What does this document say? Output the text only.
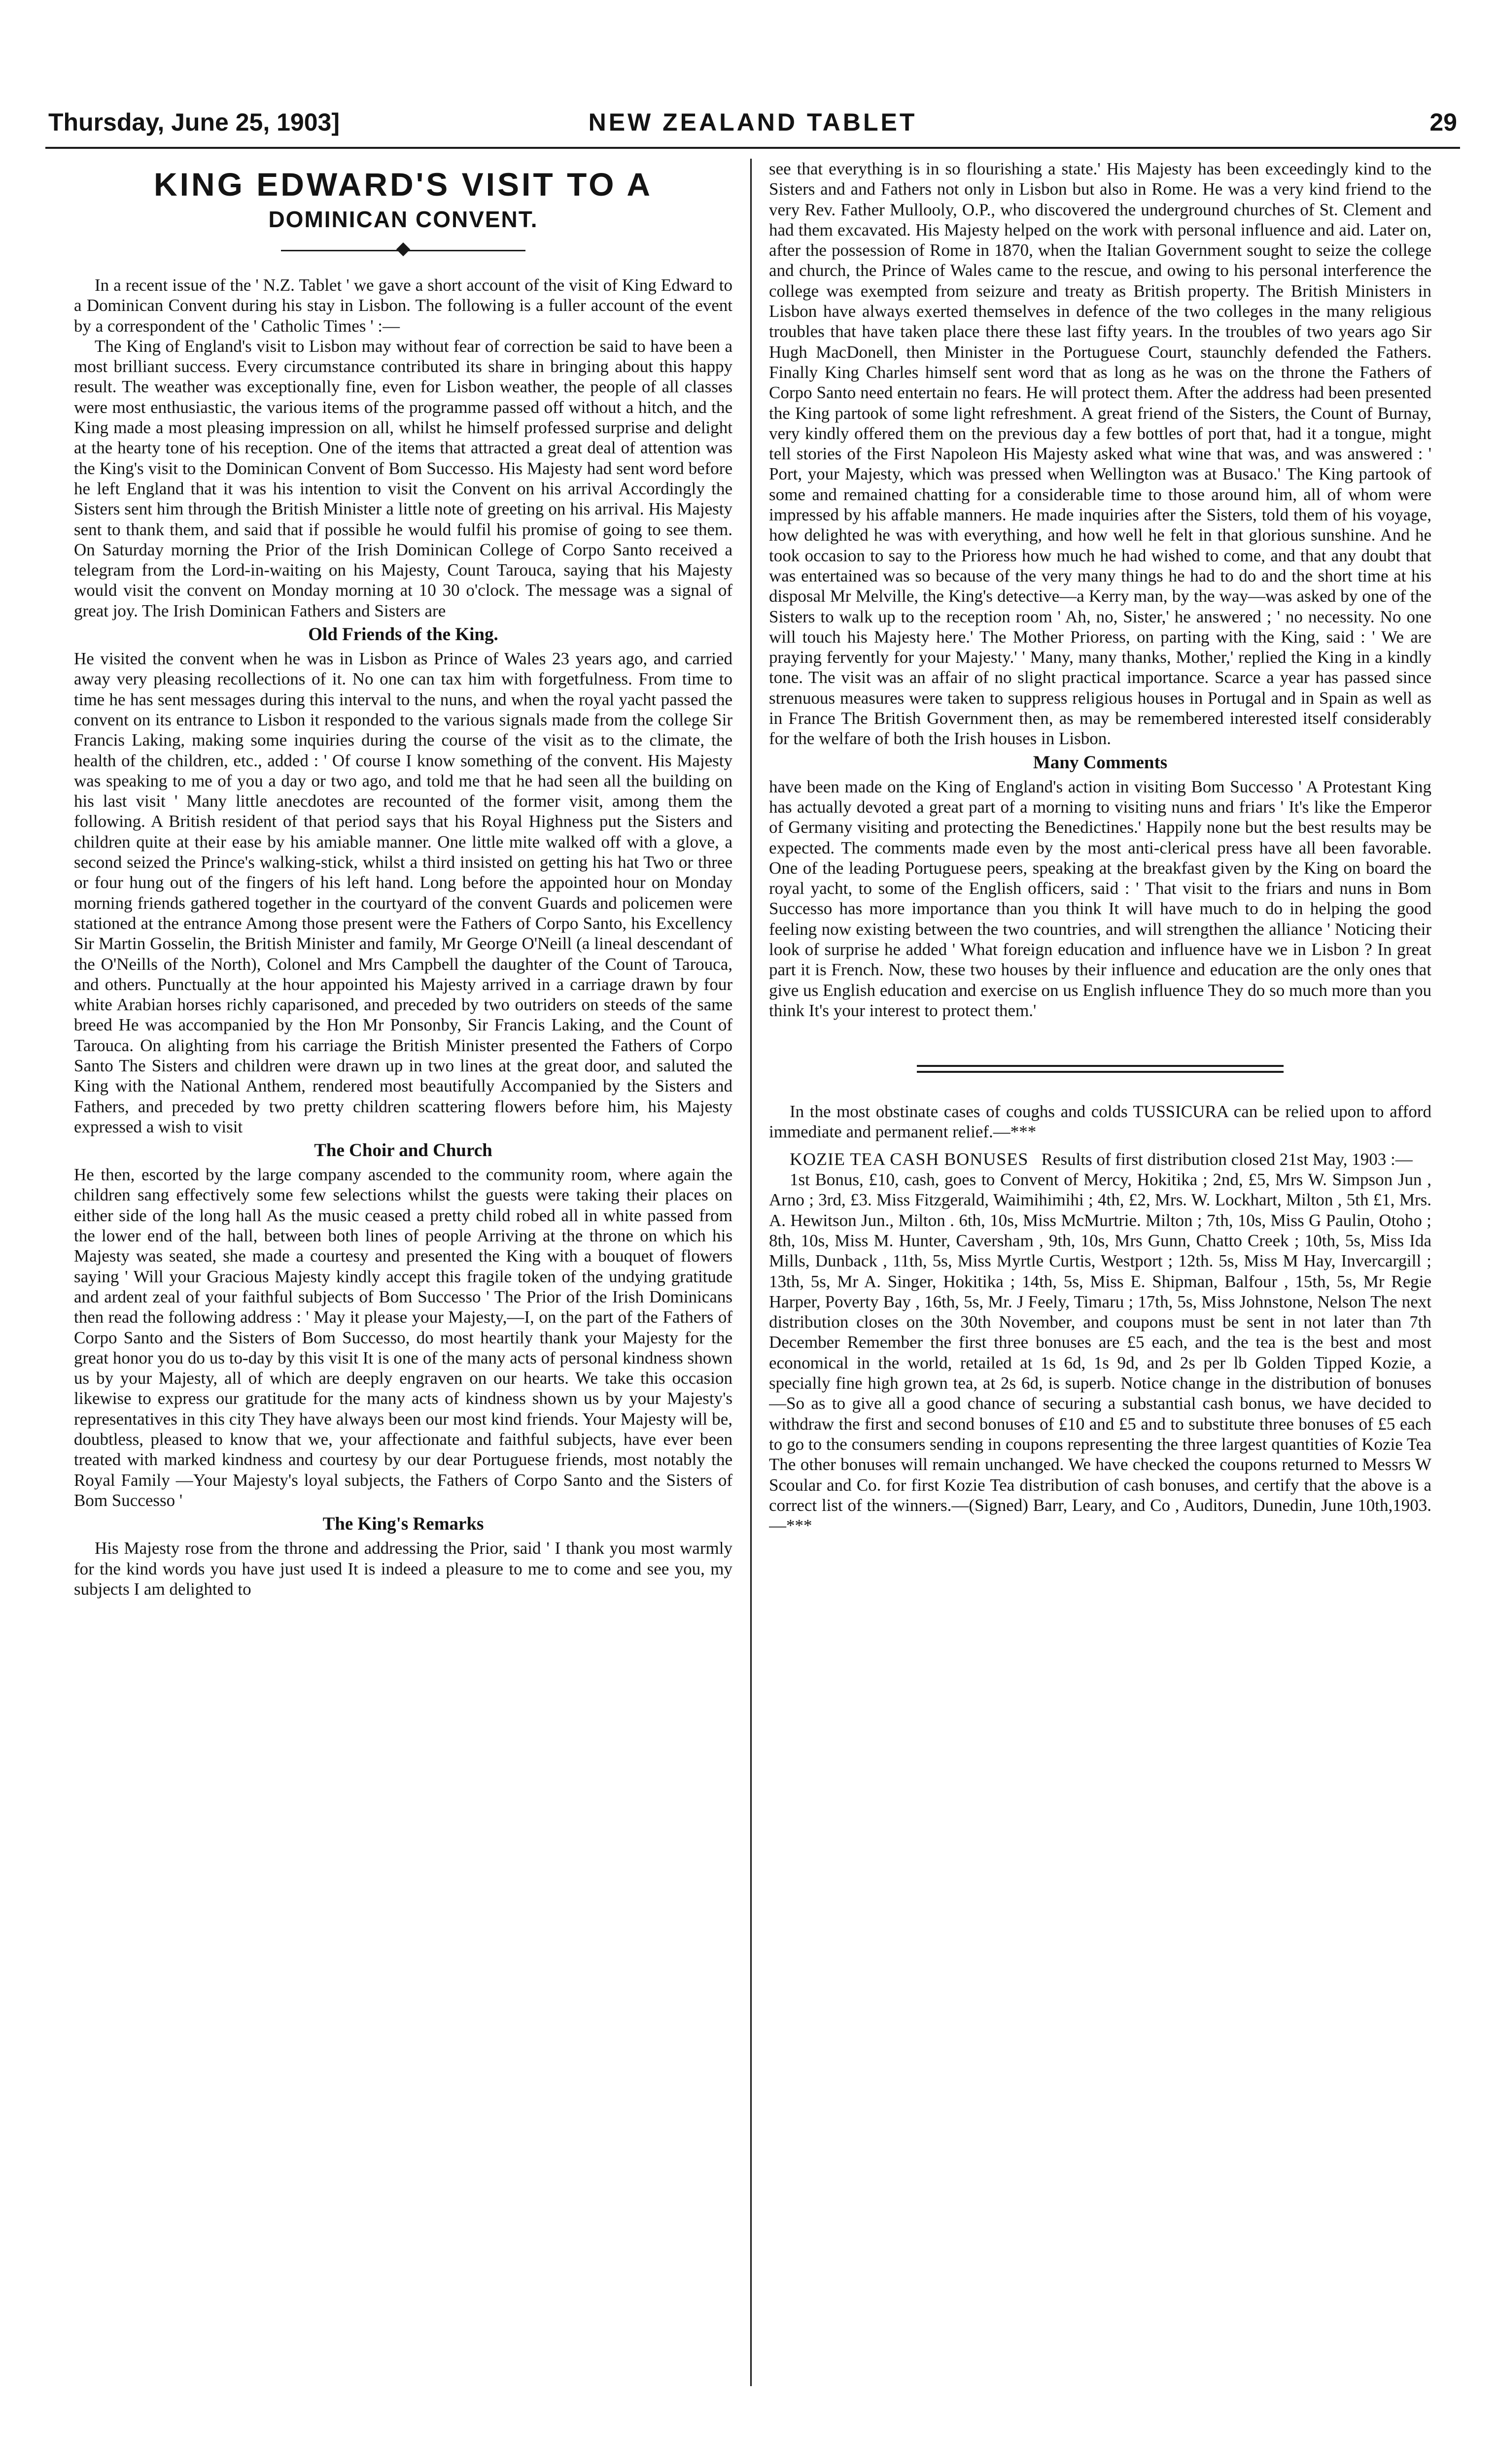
Thursday, June 25, 1903]	NEW ZEALAND TABLET	29
KING EDWARD'S VISIT TO A
DOMINICAN CONVENT.

In a recent issue of the ' N.Z. Tablet ' we gave a short account of the visit of King Edward to a Dominican Convent during his stay in Lisbon. The following is a fuller account of the event by a correspondent of the ' Catholic Times ' :—

The King of England's visit to Lisbon may without fear of correction be said to have been a most brilliant success. Every circumstance contributed its share in bringing about this happy result. The weather was exceptionally fine, even for Lisbon weather, the people of all classes were most enthusiastic, the various items of the programme passed off without a hitch, and the King made a most pleasing impression on all, whilst he himself professed surprise and delight at the hearty tone of his reception. One of the items that attracted a great deal of attention was the King's visit to the Dominican Convent of Bom Successo. His Majesty had sent word before he left England that it was his intention to visit the Convent on his arrival Accordingly the Sisters sent him through the British Minister a little note of greeting on his arrival. His Majesty sent to thank them, and said that if possible he would fulfil his promise of going to see them. On Saturday morning the Prior of the Irish Dominican College of Corpo Santo received a telegram from the Lord-in-waiting on his Majesty, Count Tarouca, saying that his Majesty would visit the convent on Monday morning at 10 30 o'clock. The message was a signal of great joy. The Irish Dominican Fathers and Sisters are

Old Friends of the King.

He visited the convent when he was in Lisbon as Prince of Wales 23 years ago, and carried away very pleasing recollections of it. No one can tax him with forgetfulness. From time to time he has sent messages during this interval to the nuns, and when the royal yacht passed the convent on its entrance to Lisbon it responded to the various signals made from the college Sir Francis Laking, making some inquiries during the course of the visit as to the climate, the health of the children, etc., added : ' Of course I know something of the convent. His Majesty was speaking to me of you a day or two ago, and told me that he had seen all the building on his last visit ' Many little anecdotes are recounted of the former visit, among them the following. A British resident of that period says that his Royal Highness put the Sisters and children quite at their ease by his amiable manner. One little mite walked off with a glove, a second seized the Prince's walking-stick, whilst a third insisted on getting his hat Two or three or four hung out of the fingers of his left hand. Long before the appointed hour on Monday morning friends gathered together in the courtyard of the convent Guards and policemen were stationed at the entrance Among those present were the Fathers of Corpo Santo, his Excellency Sir Martin Gosselin, the British Minister and family, Mr George O'Neill (a lineal descendant of the O'Neills of the North), Colonel and Mrs Campbell the daughter of the Count of Tarouca, and others. Punctually at the hour appointed his Majesty arrived in a carriage drawn by four white Arabian horses richly caparisoned, and preceded by two outriders on steeds of the same breed He was accompanied by the Hon Mr Ponsonby, Sir Francis Laking, and the Count of Tarouca. On alighting from his carriage the British Minister presented the Fathers of Corpo Santo The Sisters and children were drawn up in two lines at the great door, and saluted the King with the National Anthem, rendered most beautifully Accompanied by the Sisters and Fathers, and preceded by two pretty children scattering flowers before him, his Majesty expressed a wish to visit

The Choir and Church

He then, escorted by the large company ascended to the community room, where again the children sang effectively some few selections whilst the guests were taking their places on either side of the long hall As the music ceased a pretty child robed all in white passed from the lower end of the hall, between both lines of people Arriving at the throne on which his Majesty was seated, she made a courtesy and presented the King with a bouquet of flowers saying ' Will your Gracious Majesty kindly accept this fragile token of the undying gratitude and ardent zeal of your faithful subjects of Bom Successo ' The Prior of the Irish Dominicans then read the following address : ' May it please your Majesty,—I, on the part of the Fathers of Corpo Santo and the Sisters of Bom Successo, do most heartily thank your Majesty for the great honor you do us to-day by this visit It is one of the many acts of personal kindness shown us by your Majesty, all of which are deeply engraven on our hearts. We take this occasion likewise to express our gratitude for the many acts of kindness shown us by your Majesty's representatives in this city They have always been our most kind friends. Your Majesty will be, doubtless, pleased to know that we, your affectionate and faithful subjects, have ever been treated with marked kindness and courtesy by our dear Portuguese friends, most notably the Royal Family —Your Majesty's loyal subjects, the Fathers of Corpo Santo and the Sisters of Bom Successo '

The King's Remarks

His Majesty rose from the throne and addressing the Prior, said ' I thank you most warmly for the kind words you have just used It is indeed a pleasure to me to come and see you, my subjects I am delighted to

see that everything is in so flourishing a state.' His Majesty has been exceedingly kind to the Sisters and and Fathers not only in Lisbon but also in Rome. He was a very kind friend to the very Rev. Father Mullooly, O.P., who discovered the underground churches of St. Clement and had them excavated. His Majesty helped on the work with personal influence and aid. Later on, after the possession of Rome in 1870, when the Italian Government sought to seize the college and church, the Prince of Wales came to the rescue, and owing to his personal interference the college was exempted from seizure and treaty as British property. The British Ministers in Lisbon have always exerted themselves in defence of the two colleges in the many religious troubles that have taken place there these last fifty years. In the troubles of two years ago Sir Hugh MacDonell, then Minister in the Portuguese Court, staunchly defended the Fathers. Finally King Charles himself sent word that as long as he was on the throne the Fathers of Corpo Santo need entertain no fears. He will protect them. After the address had been presented the King partook of some light refreshment. A great friend of the Sisters, the Count of Burnay, very kindly offered them on the previous day a few bottles of port that, had it a tongue, might tell stories of the First Napoleon His Majesty asked what wine that was, and was answered : ' Port, your Majesty, which was pressed when Wellington was at Busaco.' The King partook of some and remained chatting for a considerable time to those around him, all of whom were impressed by his affable manners. He made inquiries after the Sisters, told them of his voyage, how delighted he was with everything, and how well he felt in that glorious sunshine. And he took occasion to say to the Prioress how much he had wished to come, and that any doubt that was entertained was so because of the very many things he had to do and the short time at his disposal Mr Melville, the King's detective—a Kerry man, by the way—was asked by one of the Sisters to walk up to the reception room ' Ah, no, Sister,' he answered ; ' no necessity. No one will touch his Majesty here.' The Mother Prioress, on parting with the King, said : ' We are praying fervently for your Majesty.' ' Many, many thanks, Mother,' replied the King in a kindly tone. The visit was an affair of no slight practical importance. Scarce a year has passed since strenuous measures were taken to suppress religious houses in Portugal and in Spain as well as in France The British Government then, as may be remembered interested itself considerably for the welfare of both the Irish houses in Lisbon.

Many Comments

have been made on the King of England's action in visiting Bom Successo ' A Protestant King has actually devoted a great part of a morning to visiting nuns and friars ' It's like the Emperor of Germany visiting and protecting the Benedictines.' Happily none but the best results may be expected. The comments made even by the most anti-clerical press have all been favorable. One of the leading Portuguese peers, speaking at the breakfast given by the King on board the royal yacht, to some of the English officers, said : ' That visit to the friars and nuns in Bom Successo has more importance than you think It will have much to do in helping the good feeling now existing between the two countries, and will strengthen the alliance ' Noticing their look of surprise he added ' What foreign education and influence have we in Lisbon ? In great part it is French. Now, these two houses by their influence and education are the only ones that give us English education and exercise on us English influence They do so much more than you think It's your interest to protect them.'

In the most obstinate cases of coughs and colds TUSSICURA can be relied upon to afford immediate and permanent relief.—***

KOZIE TEA CASH BONUSES Results of first distribution closed 21st May, 1903 :—

1st Bonus, £10, cash, goes to Convent of Mercy, Hokitika ; 2nd, £5, Mrs W. Simpson Jun , Arno ; 3rd, £3. Miss Fitzgerald, Waimihimihi ; 4th, £2, Mrs. W. Lockhart, Milton , 5th £1, Mrs. A. Hewitson Jun., Milton . 6th, 10s, Miss McMurtrie. Milton ; 7th, 10s, Miss G Paulin, Otoho ; 8th, 10s, Miss M. Hunter, Caversham , 9th, 10s, Mrs Gunn, Chatto Creek ; 10th, 5s, Miss Ida Mills, Dunback , 11th, 5s, Miss Myrtle Curtis, Westport ; 12th. 5s, Miss M Hay, Invercargill ; 13th, 5s, Mr A. Singer, Hokitika ; 14th, 5s, Miss E. Shipman, Balfour , 15th, 5s, Mr Regie Harper, Poverty Bay , 16th, 5s, Mr. J Feely, Timaru ; 17th, 5s, Miss Johnstone, Nelson The next distribution closes on the 30th November, and coupons must be sent in not later than 7th December Remember the first three bonuses are £5 each, and the tea is the best and most economical in the world, retailed at 1s 6d, 1s 9d, and 2s per lb Golden Tipped Kozie, a specially fine high grown tea, at 2s 6d, is superb. Notice change in the distribution of bonuses —So as to give all a good chance of securing a substantial cash bonus, we have decided to withdraw the first and second bonuses of £10 and £5 and to substitute three bonuses of £5 each to go to the consumers sending in coupons representing the three largest quantities of Kozie Tea The other bonuses will remain unchanged. We have checked the coupons returned to Messrs W Scoular and Co. for first Kozie Tea distribution of cash bonuses, and certify that the above is a correct list of the winners.—(Signed) Barr, Leary, and Co , Auditors, Dunedin, June 10th,1903.—***
